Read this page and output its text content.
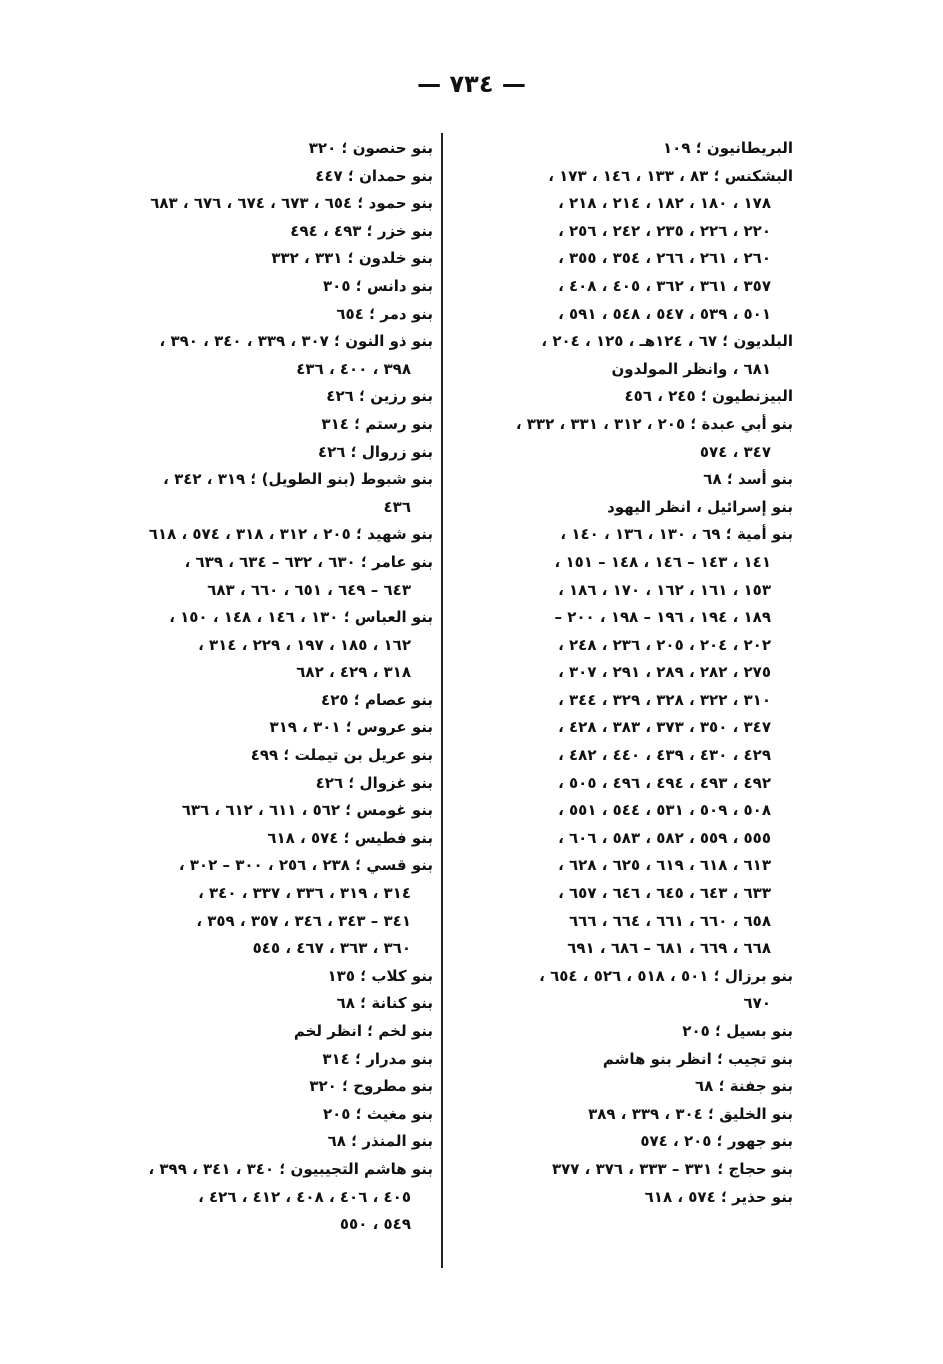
— ٧٣٤ —
البريطانيون ؛ ١٠٩
البشكنس ؛ ٨٣ ، ١٣٣ ، ١٤٦ ، ١٧٣ ،
١٧٨ ، ١٨٠ ، ١٨٢ ، ٢١٤ ، ٢١٨ ،
٢٢٠ ، ٢٢٦ ، ٢٣٥ ، ٢٤٢ ، ٢٥٦ ،
٢٦٠ ، ٢٦١ ، ٢٦٦ ، ٣٥٤ ، ٣٥٥ ،
٣٥٧ ، ٣٦١ ، ٣٦٢ ، ٤٠٥ ، ٤٠٨ ،
٥٠١ ، ٥٣٩ ، ٥٤٧ ، ٥٤٨ ، ٥٩١ ،
البلديون ؛ ٦٧ ، ١٢٤هـ ، ١٢٥ ، ٢٠٤ ،
٦٨١ ، وانظر المولدون
البيزنطيون ؛ ٢٤٥ ، ٤٥٦
بنو أبي عبدة ؛ ٢٠٥ ، ٣١٢ ، ٣٣١ ، ٣٣٢ ،
٣٤٧ ، ٥٧٤
بنو أسد ؛ ٦٨
بنو إسرائيل ، انظر اليهود
بنو أمية ؛ ٦٩ ، ١٣٠ ، ١٣٦ ، ١٤٠ ،
١٤١ ، ١٤٣ – ١٤٦ ، ١٤٨ – ١٥١ ،
١٥٣ ، ١٦١ ، ١٦٢ ، ١٧٠ ، ١٨٦ ،
١٨٩ ، ١٩٤ ، ١٩٦ – ١٩٨ ، ٢٠٠ –
٢٠٢ ، ٢٠٤ ، ٢٠٥ ، ٢٣٦ ، ٢٤٨ ،
٢٧٥ ، ٢٨٢ ، ٢٨٩ ، ٢٩١ ، ٣٠٧ ،
٣١٠ ، ٣٢٢ ، ٣٢٨ ، ٣٢٩ ، ٣٤٤ ،
٣٤٧ ، ٣٥٠ ، ٣٧٣ ، ٣٨٣ ، ٤٢٨ ،
٤٢٩ ، ٤٣٠ ، ٤٣٩ ، ٤٤٠ ، ٤٨٢ ،
٤٩٢ ، ٤٩٣ ، ٤٩٤ ، ٤٩٦ ، ٥٠٥ ،
٥٠٨ ، ٥٠٩ ، ٥٣١ ، ٥٤٤ ، ٥٥١ ،
٥٥٥ ، ٥٥٩ ، ٥٨٢ ، ٥٨٣ ، ٦٠٦ ،
٦١٣ ، ٦١٨ ، ٦١٩ ، ٦٢٥ ، ٦٢٨ ،
٦٣٣ ، ٦٤٣ ، ٦٤٥ ، ٦٤٦ ، ٦٥٧ ،
٦٥٨ ، ٦٦٠ ، ٦٦١ ، ٦٦٤ ، ٦٦٦
٦٦٨ ، ٦٦٩ ، ٦٨١ – ٦٨٦ ، ٦٩١
بنو برزال ؛ ٥٠١ ، ٥١٨ ، ٥٢٦ ، ٦٥٤ ،
٦٧٠
بنو بسيل ؛ ٢٠٥
بنو تجيب ؛ انظر بنو هاشم
بنو جفنة ؛ ٦٨
بنو الخليق ؛ ٣٠٤ ، ٣٣٩ ، ٣٨٩
بنو جهور ؛ ٢٠٥ ، ٥٧٤
بنو حجاج ؛ ٣٣١ – ٣٣٣ ، ٣٧٦ ، ٣٧٧
بنو حذير ؛ ٥٧٤ ، ٦١٨
بنو حنصون ؛ ٣٢٠
بنو حمدان ؛ ٤٤٧
بنو حمود ؛ ٦٥٤ ، ٦٧٣ ، ٦٧٤ ، ٦٧٦ ، ٦٨٣
بنو خزر ؛ ٤٩٣ ، ٤٩٤
بنو خلدون ؛ ٣٣١ ، ٣٣٢
بنو دانس ؛ ٣٠٥
بنو دمر ؛ ٦٥٤
بنو ذو النون ؛ ٣٠٧ ، ٣٣٩ ، ٣٤٠ ، ٣٩٠ ،
٣٩٨ ، ٤٠٠ ، ٤٣٦
بنو رزين ؛ ٤٢٦
بنو رستم ؛ ٣١٤
بنو زروال ؛ ٤٢٦
بنو شبوط (بنو الطويل) ؛ ٣١٩ ، ٣٤٢ ،
٤٣٦
بنو شهيد ؛ ٢٠٥ ، ٣١٢ ، ٣١٨ ، ٥٧٤ ، ٦١٨
بنو عامر ؛ ٦٣٠ ، ٦٣٢ – ٦٣٤ ، ٦٣٩ ،
٦٤٣ – ٦٤٩ ، ٦٥١ ، ٦٦٠ ، ٦٨٣
بنو العباس ؛ ١٣٠ ، ١٤٦ ، ١٤٨ ، ١٥٠ ،
١٦٢ ، ١٨٥ ، ١٩٧ ، ٢٢٩ ، ٣١٤ ،
٣١٨ ، ٤٢٩ ، ٦٨٢
بنو عصام ؛ ٤٢٥
بنو عروس ؛ ٣٠١ ، ٣١٩
بنو عريل بن تيملت ؛ ٤٩٩
بنو غزوال ؛ ٤٢٦
بنو غومس ؛ ٥٦٢ ، ٦١١ ، ٦١٢ ، ٦٣٦
بنو فطيس ؛ ٥٧٤ ، ٦١٨
بنو قسي ؛ ٢٣٨ ، ٢٥٦ ، ٣٠٠ – ٣٠٢ ،
٣١٤ ، ٣١٩ ، ٣٣٦ ، ٣٣٧ ، ٣٤٠ ،
٣٤١ – ٣٤٣ ، ٣٤٦ ، ٣٥٧ ، ٣٥٩ ،
٣٦٠ ، ٣٦٣ ، ٤٦٧ ، ٥٤٥
بنو كلاب ؛ ١٣٥
بنو كنانة ؛ ٦٨
بنو لخم ؛ انظر لخم
بنو مدرار ؛ ٣١٤
بنو مطروح ؛ ٣٢٠
بنو مغيث ؛ ٢٠٥
بنو المنذر ؛ ٦٨
بنو هاشم التجيبيون ؛ ٣٤٠ ، ٣٤١ ، ٣٩٩ ،
٤٠٥ ، ٤٠٦ ، ٤٠٨ ، ٤١٢ ، ٤٢٦ ،
٥٤٩ ، ٥٥٠
